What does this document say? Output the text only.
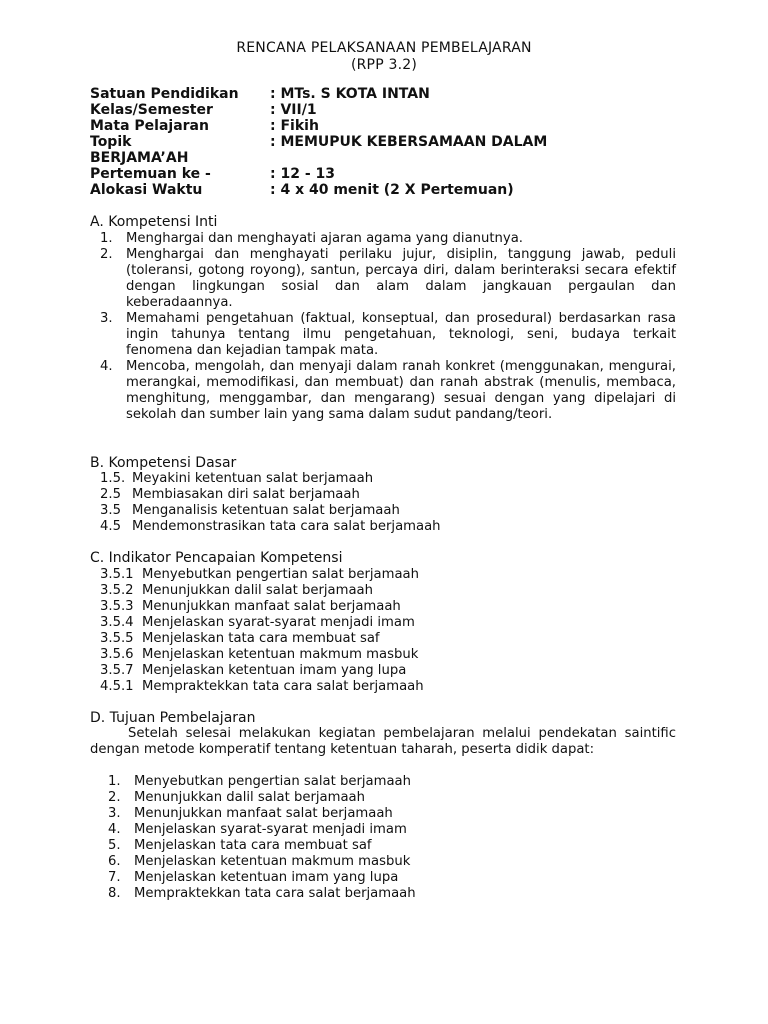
RENCANA PELAKSANAAN PEMBELAJARAN
(RPP 3.2)
Satuan Pendidikan	: MTs. S KOTA INTAN
Kelas/Semester	: VII/1
Mata Pelajaran	: Fikih
Topik	: MEMUPUK KEBERSAMAAN DALAM
BERJAMA’AH
Pertemuan ke -	: 12 - 13
Alokasi Waktu	: 4 x 40 menit (2 X Pertemuan)
A. Kompetensi Inti
1.	Menghargai dan menghayati ajaran agama yang dianutnya.
2.	Menghargai dan menghayati perilaku jujur, disiplin, tanggung jawab, peduli (toleransi, gotong royong), santun, percaya diri, dalam berinteraksi secara efektif dengan lingkungan sosial dan alam dalam jangkauan pergaulan dan keberadaannya.
3.	Memahami pengetahuan (faktual, konseptual, dan prosedural) berdasarkan rasa ingin tahunya tentang ilmu pengetahuan, teknologi, seni, budaya terkait fenomena dan kejadian tampak mata.
4.	Mencoba, mengolah, dan menyaji dalam ranah konkret (menggunakan, mengurai, merangkai, memodifikasi, dan membuat) dan ranah abstrak (menulis, membaca, menghitung, menggambar, dan mengarang) sesuai dengan yang dipelajari di sekolah dan sumber lain yang sama dalam sudut pandang/teori.
B. Kompetensi Dasar
1.5. Meyakini ketentuan salat berjamaah
2.5 Membiasakan diri salat berjamaah
3.5 Menganalisis ketentuan salat berjamaah
4.5 Mendemonstrasikan tata cara salat berjamaah
C. Indikator Pencapaian Kompetensi
3.5.1 Menyebutkan pengertian salat berjamaah
3.5.2 Menunjukkan dalil salat berjamaah
3.5.3 Menunjukkan manfaat salat berjamaah
3.5.4 Menjelaskan syarat-syarat menjadi imam
3.5.5 Menjelaskan tata cara membuat saf
3.5.6 Menjelaskan ketentuan makmum masbuk
3.5.7 Menjelaskan ketentuan imam yang lupa
4.5.1 Mempraktekkan tata cara salat berjamaah
D. Tujuan Pembelajaran
Setelah selesai melakukan kegiatan pembelajaran melalui pendekatan saintific dengan metode komperatif tentang ketentuan taharah, peserta didik dapat:
1.	Menyebutkan pengertian salat berjamaah
2.	Menunjukkan dalil salat berjamaah
3.	Menunjukkan manfaat salat berjamaah
4.	Menjelaskan syarat-syarat menjadi imam
5.	Menjelaskan tata cara membuat saf
6.	Menjelaskan ketentuan makmum masbuk
7.	Menjelaskan ketentuan imam yang lupa
8.	Mempraktekkan tata cara salat berjamaah
